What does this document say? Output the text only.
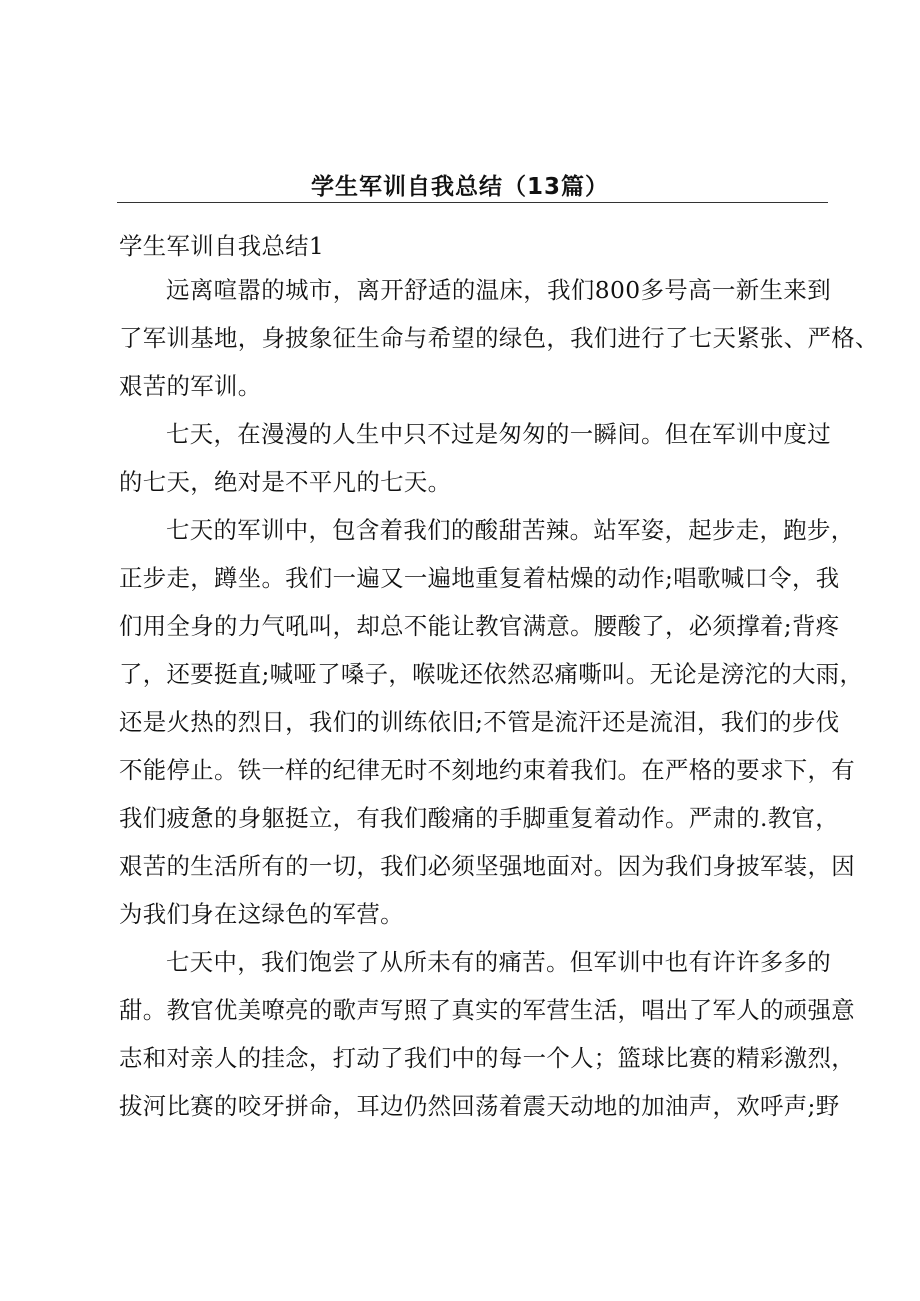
学生军训自我总结（13篇）
学生军训自我总结1
远离喧嚣的城市，离开舒适的温床，我们800多号高一新生来到
了军训基地，身披象征生命与希望的绿色，我们进行了七天紧张、严格、
艰苦的军训。
七天，在漫漫的人生中只不过是匆匆的一瞬间。但在军训中度过
的七天，绝对是不平凡的七天。
七天的军训中，包含着我们的酸甜苦辣。站军姿，起步走，跑步，
正步走，蹲坐。我们一遍又一遍地重复着枯燥的动作;唱歌喊口令，我
们用全身的力气吼叫，却总不能让教官满意。腰酸了，必须撑着;背疼
了，还要挺直;喊哑了嗓子，喉咙还依然忍痛嘶叫。无论是滂沱的大雨，
还是火热的烈日，我们的训练依旧;不管是流汗还是流泪，我们的步伐
不能停止。铁一样的纪律无时不刻地约束着我们。在严格的要求下，有
我们疲惫的身躯挺立，有我们酸痛的手脚重复着动作。严肃的.教官，
艰苦的生活所有的一切，我们必须坚强地面对。因为我们身披军装，因
为我们身在这绿色的军营。
七天中，我们饱尝了从所未有的痛苦。但军训中也有许许多多的
甜。教官优美嘹亮的歌声写照了真实的军营生活，唱出了军人的顽强意
志和对亲人的挂念，打动了我们中的每一个人；篮球比赛的精彩激烈，
拔河比赛的咬牙拼命，耳边仍然回荡着震天动地的加油声，欢呼声;野
